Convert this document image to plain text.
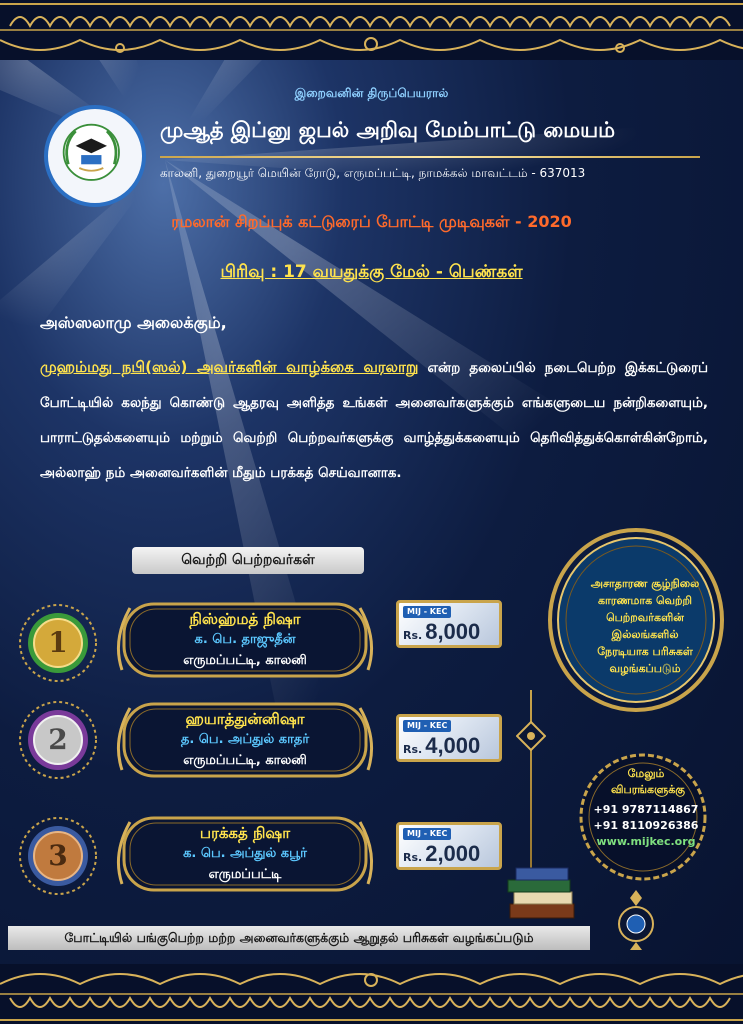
இறைவனின் திருப்பெயரால்
முஆத் இப்னு ஜபல் அறிவு மேம்பாட்டு மையம்
காலனி, துறையூர் மெயின் ரோடு, எருமப்பட்டி, நாமக்கல் மாவட்டம் - 637013
ரமலான் சிறப்புக் கட்டுரைப் போட்டி முடிவுகள் - 2020
பிரிவு : 17 வயதுக்கு மேல் - பெண்கள்
அஸ்ஸலாமு அலைக்கும்,
முஹம்மது நபி(ஸல்) அவர்களின் வாழ்க்கை வரலாறு என்ற தலைப்பில் நடைபெற்ற இக்கட்டுரைப் போட்டியில் கலந்து கொண்டு ஆதரவு அளித்த உங்கள் அனைவர்களுக்கும் எங்களுடைய நன்றிகளையும், பாராட்டுதல்களையும் மற்றும் வெற்றி பெற்றவர்களுக்கு வாழ்த்துக்களையும் தெரிவித்துக்கொள்கின்றோம், அல்லாஹ் நம் அனைவர்களின் மீதும் பரக்கத் செய்வானாக.
வெற்றி பெற்றவர்கள்
1
நிஸ்ஹ்மத் நிஷா
க. பெ. தாஜுதீன்
எருமப்பட்டி, காலனி
MIJ - KEC
Rs. 8,000
2
ஹயாத்துன்னிஷா
த. பெ. அப்துல் காதர்
எருமப்பட்டி, காலனி
MIJ - KEC
Rs. 4,000
3
பரக்கத் நிஷா
க. பெ. அப்துல் கபூர்
எருமப்பட்டி
MIJ - KEC
Rs. 2,000
அசாதாரண சூழ்நிலை காரணமாக வெற்றி பெற்றவர்களின் இல்லங்களில் நேரடியாக பரிசுகள் வழங்கப்படும்
மேலும் விபரங்களுக்கு
+91 9787114867
+91 8110926386
www.mijkec.org
போட்டியில் பங்குபெற்ற மற்ற அனைவர்களுக்கும் ஆறுதல் பரிசுகள் வழங்கப்படும்
